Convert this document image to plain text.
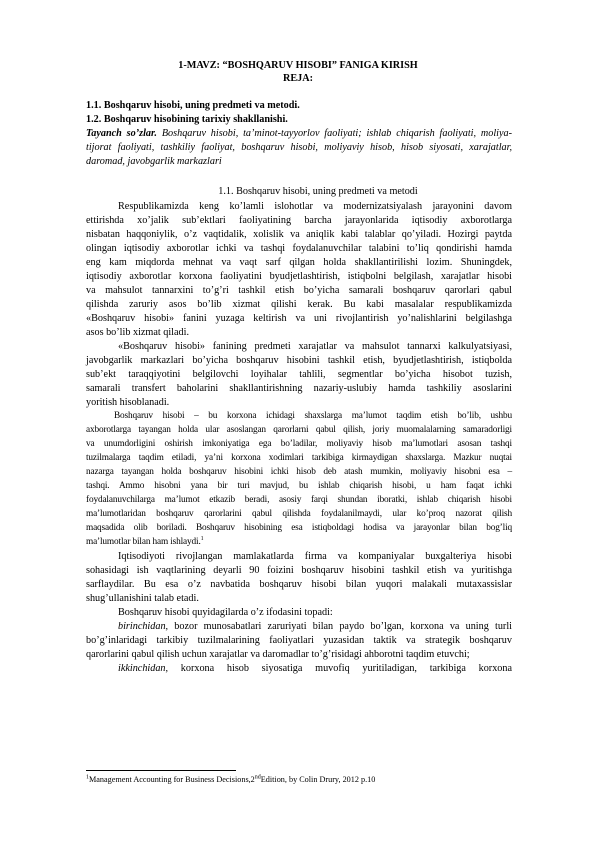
1-MAVZ: “BOSHQARUV HISOBI” FANIGA KIRISH
REJA:
1.1. Boshqaruv hisobi, uning predmeti va metodi.
1.2. Boshqaruv hisobining tarixiy shakllanishi.

Tayanch so’zlar. Boshqaruv hisobi, ta’minot-tayyorlov faoliyati; ishlab chiqarish faoliyati, moliya-tijorat faoliyati, tashkiliy faoliyat, boshqaruv hisobi, moliyaviy hisob, hisob siyosati, xarajatlar, daromad, javobgarlik markazlari

1.1. Boshqaruv hisobi, uning predmeti va metodi

Respublikamizda keng ko’lamli islohotlar va modernizatsiyalash jarayonini davom

ettirishda xo’jalik sub’ektlari faoliyatining barcha jarayonlarida iqtisodiy axborotlarga

nisbatan haqqoniylik, o’z vaqtidalik, xolislik va aniqlik kabi talablar qo’yiladi. Hozirgi paytda

olingan iqtisodiy axborotlar ichki va tashqi foydalanuvchilar talabini to’liq qondirishi hamda

eng kam miqdorda mehnat va vaqt sarf qilgan holda shakllantirilishi lozim. Shuningdek,

iqtisodiy axborotlar korxona faoliyatini byudjetlashtirish, istiqbolni belgilash, xarajatlar hisobi

va mahsulot tannarxini to’g’ri tashkil etish bo’yicha samarali boshqaruv qarorlari qabul

qilishda zaruriy asos bo’lib xizmat qilishi kerak. Bu kabi masalalar respublikamizda

«Boshqaruv hisobi» fanini yuzaga keltirish va uni rivojlantirish yo’nalishlarini belgilashga

asos bo’lib xizmat qiladi.

«Boshqaruv hisobi» fanining predmeti xarajatlar va mahsulot tannarxi kalkulyatsiyasi,

javobgarlik markazlari bo’yicha boshqaruv hisobini tashkil etish, byudjetlashtirish, istiqbolda

sub’ekt taraqqiyotini belgilovchi loyihalar tahlili, segmentlar bo’yicha hisobot tuzish,

samarali transfert baholarini shakllantirishning nazariy-uslubiy hamda tashkiliy asoslarini

yoritish hisoblanadi.

Boshqaruv hisobi – bu korxona ichidagi shaxslarga ma’lumot taqdim etish bo’lib, ushbu

axborotlarga tayangan holda ular asoslangan qarorlarni qabul qilish, joriy muomalalarning samaradorligi

va unumdorligini oshirish imkoniyatiga ega bo’ladilar, moliyaviy hisob ma’lumotlari asosan tashqi

tuzilmalarga taqdim etiladi, ya’ni korxona xodimlari tarkibiga kirmaydigan shaxslarga. Mazkur nuqtai

nazarga tayangan holda boshqaruv hisobini ichki hisob deb atash mumkin, moliyaviy hisobni esa –

tashqi. Ammo hisobni yana bir turi mavjud, bu ishlab chiqarish hisobi, u ham faqat ichki

foydalanuvchilarga ma’lumot etkazib beradi, asosiy farqi shundan iboratki, ishlab chiqarish hisobi

ma’lumotlaridan boshqaruv qarorlarini qabul qilishda foydalanilmaydi, ular ko’proq nazorat qilish

maqsadida olib boriladi. Boshqaruv hisobining esa istiqboldagi hodisa va jarayonlar bilan bog’liq

ma’lumotlar bilan ham ishlaydi.$^1$

Iqtisodiyoti rivojlangan mamlakatlarda firma va kompaniyalar buxgalteriya hisobi

sohasidagi ish vaqtlarining deyarli 90 foizini boshqaruv hisobini tashkil etish va yuritishga

sarflaydilar. Bu esa o’z navbatida boshqaruv hisobi bilan yuqori malakali mutaxassislar

shug’ullanishini talab etadi.

Boshqaruv hisobi quyidagilarda o’z ifodasini topadi:

birinchidan, bozor munosabatlari zaruriyati bilan paydo bo’lgan, korxona va uning turli

bo’g’inlaridagi tarkibiy tuzilmalarining faoliyatlari yuzasidan taktik va strategik boshqaruv

qarorlarini qabul qilish uchun xarajatlar va daromadlar to’g’risidagi ahborotni taqdim etuvchi;

ikkinchidan, korxona hisob siyosatiga muvofiq yuritiladigan, tarkibiga korxona

$^1$Management Accounting for Business Decisions,2ndEdition, by Colin Drury, 2012 p.10
